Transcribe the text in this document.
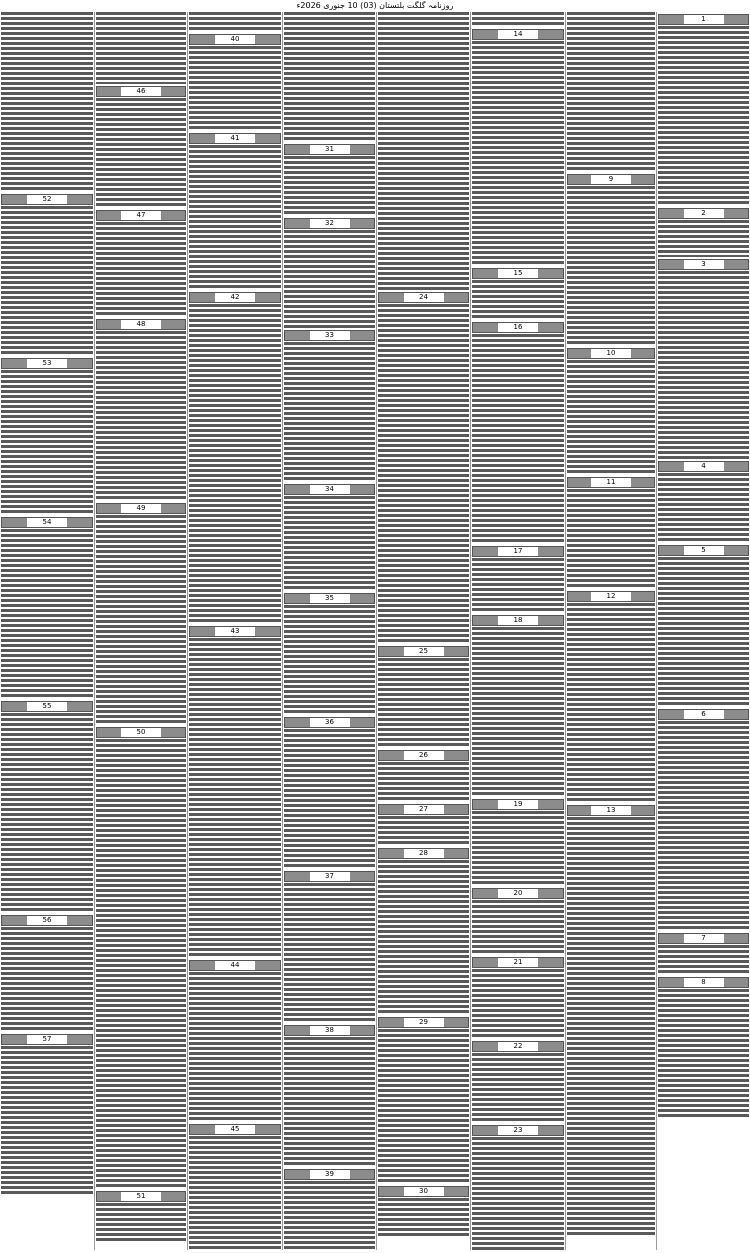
روزنامہ گلگت بلتستان (03) 10 جنوری 2026ء
1
2
3
4
5
6
7
8
9
10
11
12
13
14
15
16
17
18
19
20
21
22
23
24
25
26
27
28
29
30
31
32
33
34
35
36
37
38
39
40
41
42
43
44
45
46
47
48
49
50
51
52
53
54
55
56
57
